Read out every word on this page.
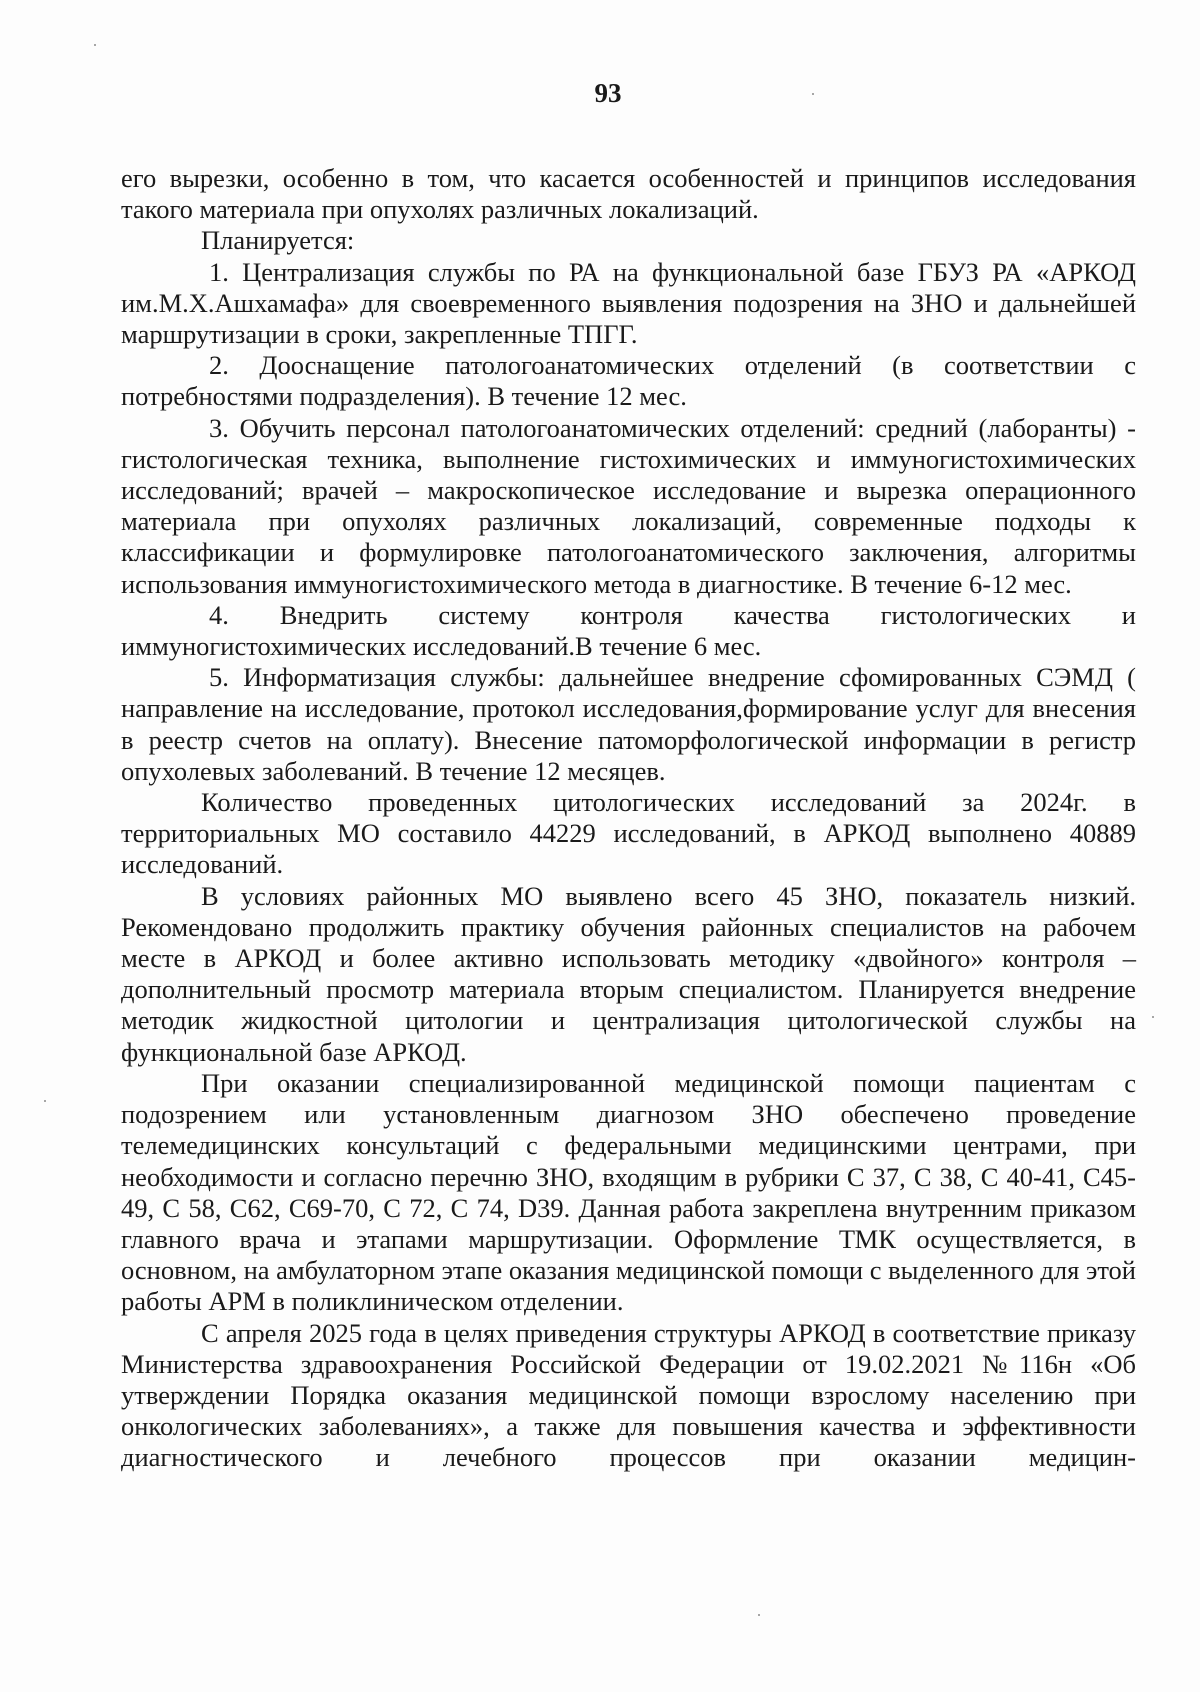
93

его вырезки, особенно в том, что касается особенностей и принципов исследования такого материала при опухолях различных локализаций.

Планируется:

1. Централизация службы по РА на функциональной базе ГБУЗ РА «АРКОД им.М.Х.Ашхамафа» для своевременного выявления подозрения на ЗНО и дальнейшей маршрутизации в сроки, закрепленные ТПГГ.

2. Дооснащение патологоанатомических отделений (в соответствии с потребностями подразделения). В течение 12 мес.

3. Обучить персонал патологоанатомических отделений: средний (лаборанты) - гистологическая техника, выполнение гистохимических и иммуногистохимических исследований; врачей – макроскопическое исследование и вырезка операционного материала при опухолях различных локализаций, современные подходы к классификации и формулировке патологоанатомического заключения, алгоритмы использования иммуногистохимического метода в диагностике. В течение 6-12 мес.

4. Внедрить систему контроля качества гистологических и иммуногистохимических исследований.В течение 6 мес.

5. Информатизация службы: дальнейшее внедрение сфомированных СЭМД ( направление на исследование, протокол исследования,формирование услуг для внесения в реестр счетов на оплату). Внесение патоморфологической информации в регистр опухолевых заболеваний. В течение 12 месяцев.

Количество проведенных цитологических исследований за 2024г. в территориальных МО составило 44229 исследований, в АРКОД выполнено 40889 исследований.

В условиях районных МО выявлено всего 45 ЗНО, показатель низкий. Рекомендовано продолжить практику обучения районных специалистов на рабочем месте в АРКОД и более активно использовать методику «двойного» контроля – дополнительный просмотр материала вторым специалистом. Планируется внедрение методик жидкостной цитологии и централизация цитологической службы на функциональной базе АРКОД.

При оказании специализированной медицинской помощи пациентам с подозрением или установленным диагнозом ЗНО обеспечено проведение телемедицинских консультаций с федеральными медицинскими центрами, при необходимости и согласно перечню ЗНО, входящим в рубрики С 37, С 38, С 40-41, С45-49, С 58, С62, С69-70, С 72, С 74, D39. Данная работа закреплена внутренним приказом главного врача и этапами маршрутизации. Оформление ТМК осуществляется, в основном, на амбулаторном этапе оказания медицинской помощи с выделенного для этой работы АРМ в поликлиническом отделении.

С апреля 2025 года в целях приведения структуры АРКОД в соответствие приказу Министерства здравоохранения Российской Федерации от 19.02.2021 №116н «Об утверждении Порядка оказания медицинской помощи взрослому населению при онкологических заболеваниях», а также для повышения качества и эффективности диагностического и лечебного процессов при оказании медицин-
